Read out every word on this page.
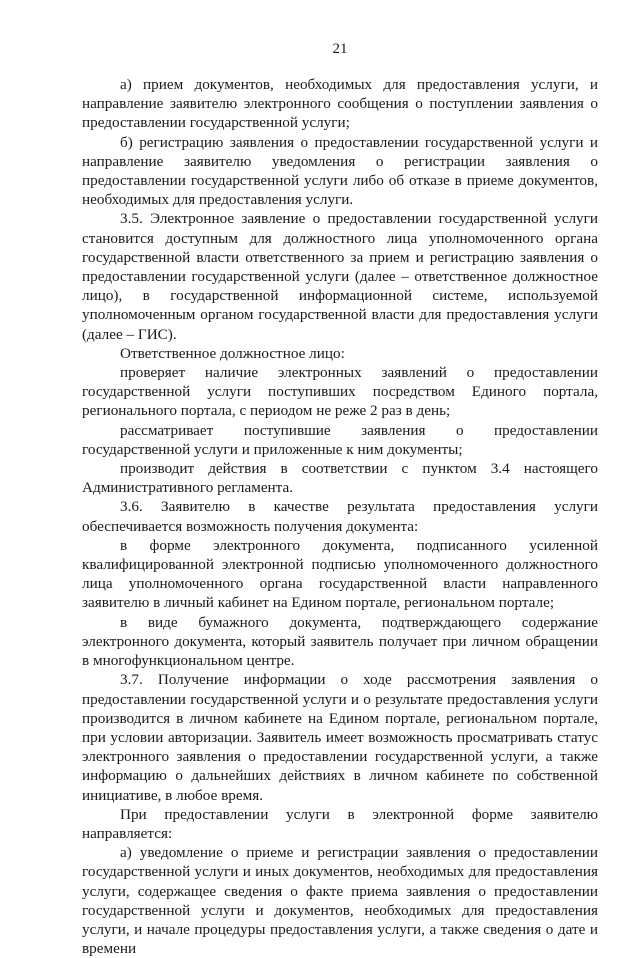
21

а) прием документов, необходимых для предоставления услуги, и направление заявителю электронного сообщения о поступлении заявления о предоставлении государственной услуги;

б) регистрацию заявления о предоставлении государственной услуги и направление заявителю уведомления о регистрации заявления о предоставлении государственной услуги либо об отказе в приеме документов, необходимых для предоставления услуги.

3.5. Электронное заявление о предоставлении государственной услуги становится доступным для должностного лица уполномоченного органа государственной власти ответственного за прием и регистрацию заявления о предоставлении государственной услуги (далее – ответственное должностное лицо), в государственной информационной системе, используемой уполномоченным органом государственной власти для предоставления услуги (далее – ГИС).

Ответственное должностное лицо:

проверяет наличие электронных заявлений о предоставлении государственной услуги поступивших посредством Единого портала, регионального портала, с периодом не реже 2 раз в день;

рассматривает поступившие заявления о предоставлении государственной услуги и приложенные к ним документы;

производит действия в соответствии с пунктом 3.4 настоящего Административного регламента.

3.6. Заявителю в качестве результата предоставления услуги обеспечивается возможность получения документа:

в форме электронного документа, подписанного усиленной квалифицированной электронной подписью уполномоченного должностного лица уполномоченного органа государственной власти направленного заявителю в личный кабинет на Едином портале, региональном портале;

в виде бумажного документа, подтверждающего содержание электронного документа, который заявитель получает при личном обращении в многофункциональном центре.

3.7. Получение информации о ходе рассмотрения заявления о предоставлении государственной услуги и о результате предоставления услуги производится в личном кабинете на Едином портале, региональном портале, при условии авторизации. Заявитель имеет возможность просматривать статус электронного заявления о предоставлении государственной услуги, а также информацию о дальнейших действиях в личном кабинете по собственной инициативе, в любое время.

При предоставлении услуги в электронной форме заявителю направляется:

а) уведомление о приеме и регистрации заявления о предоставлении государственной услуги и иных документов, необходимых для предоставления услуги, содержащее сведения о факте приема заявления о предоставлении государственной услуги и документов, необходимых для предоставления услуги, и начале процедуры предоставления услуги, а также сведения о дате и времени
